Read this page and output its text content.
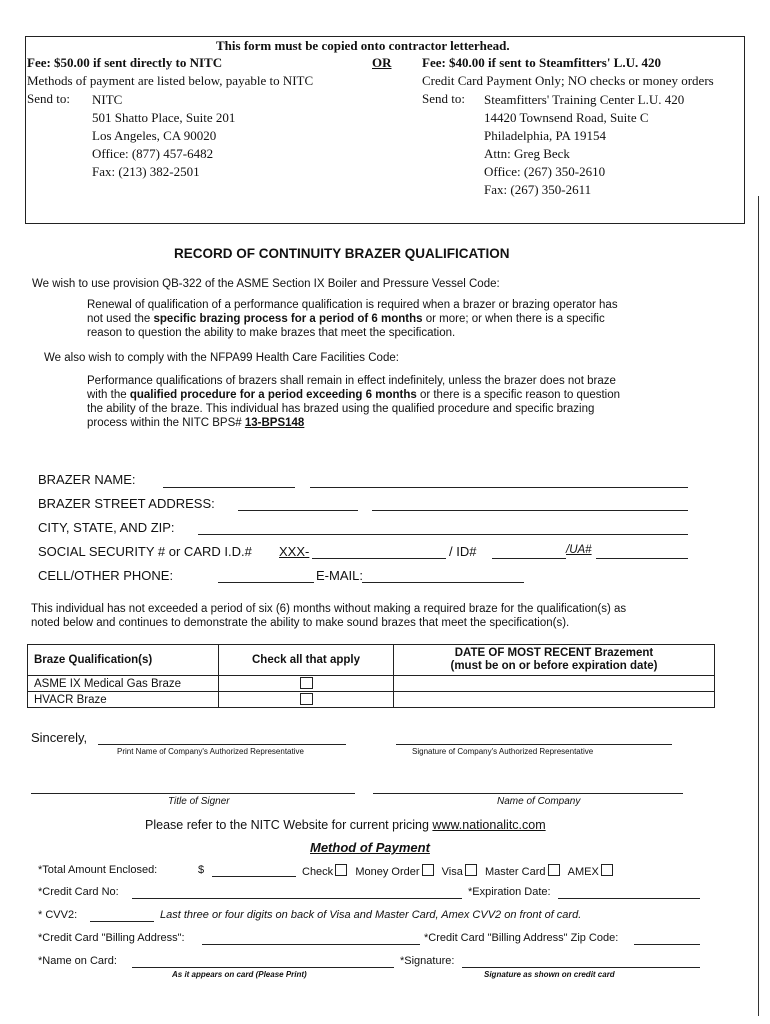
This form must be copied onto contractor letterhead.
Fee: $50.00 if sent directly to NITC	OR Fee: $40.00 if sent to Steamfitters' L.U. 420
Methods of payment are listed below, payable to NITC	Credit Card Payment Only; NO checks or money orders
Send to: NITC
501 Shatto Place, Suite 201
Los Angeles, CA 90020
Office: (877) 457-6482
Fax: (213) 382-2501
Send to: Steamfitters' Training Center L.U. 420
14420 Townsend Road, Suite C
Philadelphia, PA 19154
Attn: Greg Beck
Office: (267) 350-2610
Fax: (267) 350-2611
RECORD OF CONTINUITY BRAZER QUALIFICATION
We wish to use provision QB-322 of the ASME Section IX Boiler and Pressure Vessel Code:
Renewal of qualification of a performance qualification is required when a brazer or brazing operator has
not used the specific brazing process for a period of 6 months or more; or when there is a specific
reason to question the ability to make brazes that meet the specification.
We also wish to comply with the NFPA99 Health Care Facilities Code:
Performance qualifications of brazers shall remain in effect indefinitely, unless the brazer does not braze
with the qualified procedure for a period exceeding 6 months or there is a specific reason to question
the ability of the braze. This individual has brazed using the qualified procedure and specific brazing
process within the NITC BPS# 13-BPS148
BRAZER NAME:
BRAZER STREET ADDRESS:
CITY, STATE, AND ZIP:
SOCIAL SECURITY # or CARD I.D.# XXX-	/ ID#	/UA#
CELL/OTHER PHONE:	E-MAIL:
This individual has not exceeded a period of six (6) months without making a required braze for the qualification(s) as
noted below and continues to demonstrate the ability to make sound brazes that meet the specification(s).
Braze Qualification(s)	Check all that apply	DATE OF MOST RECENT Brazement
(must be on or before expiration date)

ASME IX Medical Gas Braze		
HVACR Braze		
Sincerely,
Print Name of Company's Authorized Representative	Signature of Company's Authorized Representative
Title of Signer	Name of Company
Please refer to the NITC Website for current pricing www.nationalitc.com
Method of Payment
*Total Amount Enclosed:	$	Check Money Order Visa Master Card AMEX
*Credit Card No:	*Expiration Date:
* CVV2:	Last three or four digits on back of Visa and Master Card, Amex CVV2 on front of card.
*Credit Card "Billing Address":	*Credit Card "Billing Address" Zip Code:
*Name on Card:	*Signature:
As it appears on card (Please Print)	Signature as shown on credit card
